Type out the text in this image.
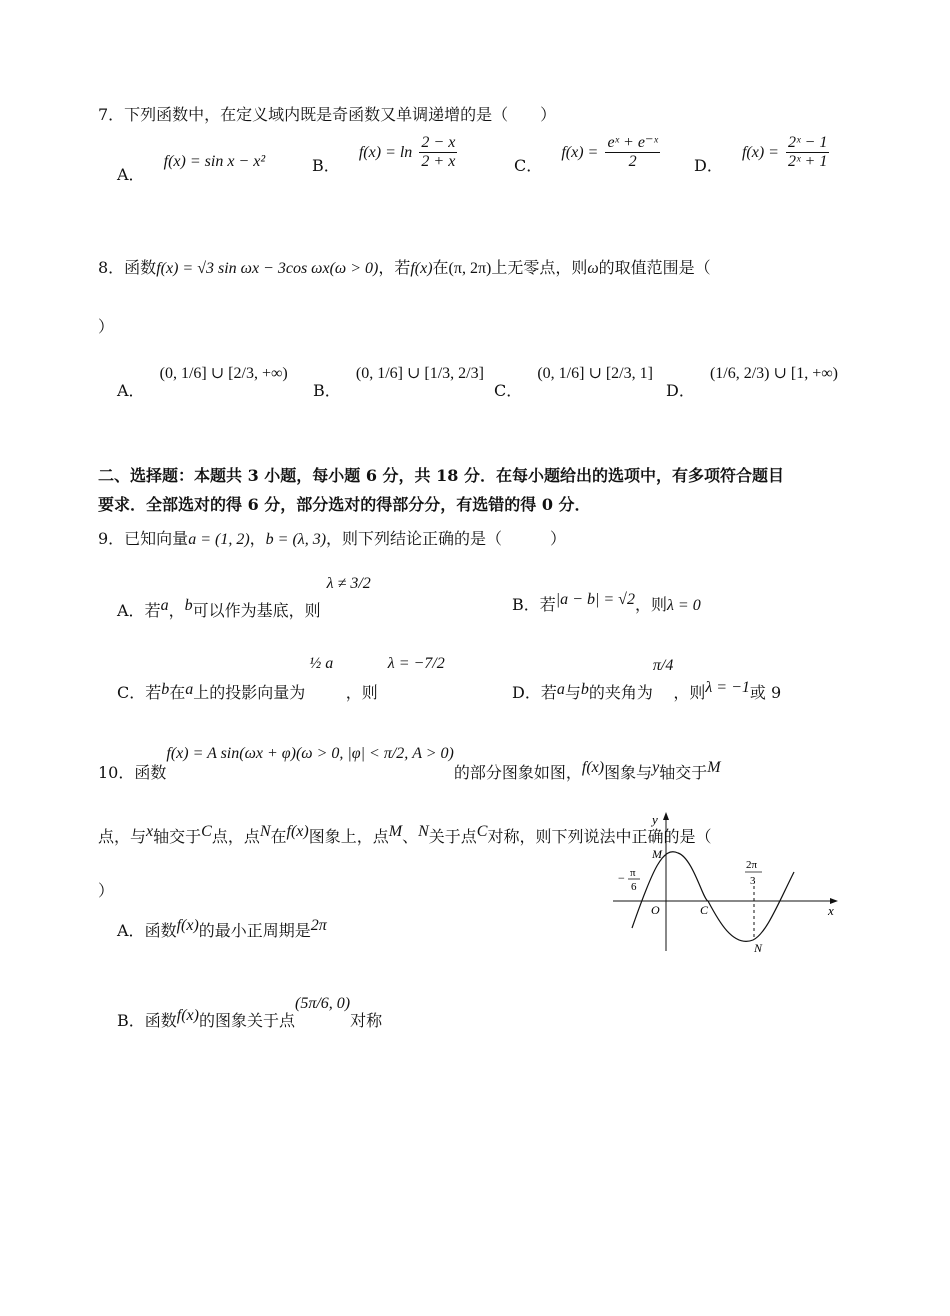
7．下列函数中，在定义域内既是奇函数又单调递增的是（　　）
A． f(x) = sin x − x²	B． $f(x) = \ln \frac{2 - x}{2 + x}$	C． $f(x) = \frac{\text{eˣ + e⁻ˣ}}{2}$ D． $f(x) = \frac{\text{2ˣ − 1}}{\text{2ˣ + 1}}$
8．函数f(x) = √3 sin ωx − 3cos ωx(ω > 0)，若f(x)在(π, 2π)上无零点，则ω的取值范围是（
）
A． (0, 1/6] ∪ [2/3, +∞)
B． (0, 1/6] ∪ [1/3, 2/3]
C． (0, 1/6] ∪ [2/3, 1]
D． (1/6, 2/3) ∪ [1, +∞)
二、选择题：本题共 3 小题，每小题 6 分，共 18 分．在每小题给出的选项中，有多项符合题目
要求．全部选对的得 6 分，部分选对的得部分分，有选错的得 0 分．
9．已知向量a = (1, 2)，b = (λ, 3)，则下列结论正确的是（　　　）
A．若a，b可以作为基底，则λ ≠ 3/2
B．若|a − b| = √2，则λ = 0
C．若b在a上的投影向量为½ a⃗，则λ = −7/2
D．若a与b的夹角为π/4，则λ = −1或 9
10．函数f(x) = A sin(ωx + φ)(ω > 0, |φ| < π/2, A > 0)的部分图象如图，f(x)图象与y轴交于M
点，与x轴交于C点，点N在f(x)图象上，点M、N关于点C对称，则下列说法中正确的是（
）
A．函数f(x)的最小正周期是2π
B．函数f(x)的图象关于点(5π/6, 0)对称
y
x
O
M
C
N
− π
6
2π
3
